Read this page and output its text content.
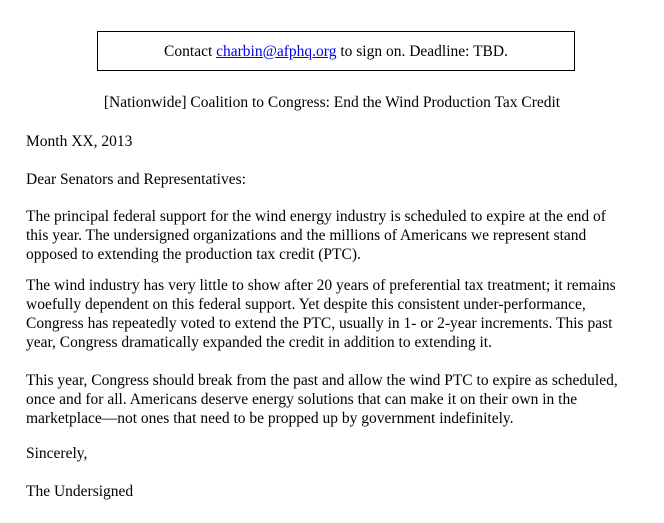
Contact
charbin@afphq.org
to sign on. Deadline: TBD.
[Nationwide] Coalition to Congress: End the Wind Production Tax Credit
Month XX, 2013
Dear Senators and Representatives:
The principal federal support for the wind energy industry is scheduled to expire at the end of
this year. The undersigned organizations and the millions of Americans we represent stand
opposed to extending the production tax credit (PTC).
The wind industry has very little to show after 20 years of preferential tax treatment; it remains
woefully dependent on this federal support. Yet despite this consistent under-performance,
Congress has repeatedly voted to extend the PTC, usually in 1- or 2-year increments. This past
year, Congress dramatically expanded the credit in addition to extending it.
This year, Congress should break from the past and allow the wind PTC to expire as scheduled,
once and for all. Americans deserve energy solutions that can make it on their own in the
marketplace—not ones that need to be propped up by government indefinitely.
Sincerely,
The Undersigned
